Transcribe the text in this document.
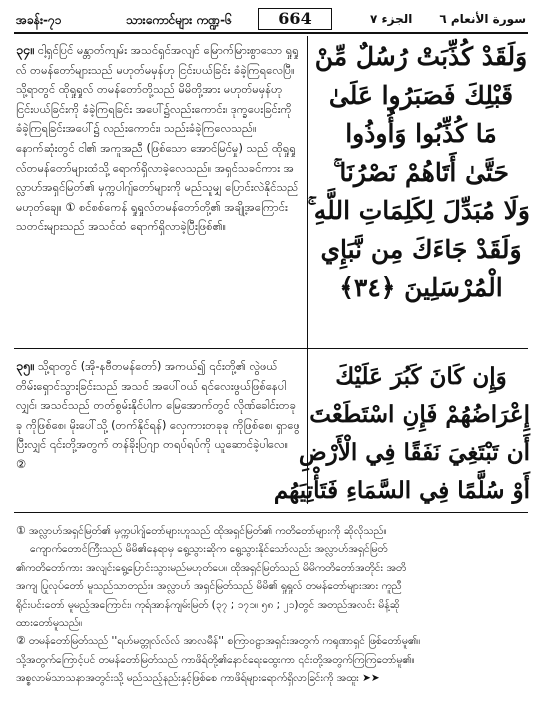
အခန်း-၇၁	သားကောင်များ ကဏ္ဍ-၆	664	الجزء ٧ سورة الأنعام ٦
၃၄။ ငါ့ရှင်ပြင် မန္တာတ်ကျမ်း အသင်ရှင်အလျင် မြောက်မြားစွာသော ရှုရှုလ် တမန်တော်များသည် မဟုတ်မမှန်ဟု ငြင်းပယ်ခြင်း ခံခဲ့ကြရလေပြီ။ သို့ရာတွင် ထိုရှုရှုလ် တမန်တော်တို့သည် မိမိတို့အား မဟုတ်မမှန်ဟု ငြင်းပယ်ခြင်းကို ခံခဲ့ကြရခြင်း အပေါ်၌လည်းကောင်း၊ ဒုက္ခပေးခြင်းကို ခံခဲ့ကြရခြင်းအပေါ်၌ လည်းကောင်း၊ သည်းခံခဲ့ကြလေသည်။ နောက်ဆုံးတွင် ငါ၏ အကူအညီ (ဖြစ်သော အောင်မြင်မှု) သည် ထိုရှုရှုလ်တမန်တော်များထံသို့ ရောက်ရှိလာခဲ့လေသည်။ အရှင်သခင်ကား အလ္လာဟ်အရှင်မြတ်၏ မှက္ကပါဂျ်တော်များကို မည်သူမျှ ပြောင်းလဲနိုင်သည်မဟုတ်ချေ။ ① စင်စစ်ကေန် ရှုရှုလ်တမန်တော်တို့၏ အချို့အကြောင်းသတင်းများသည် အသင်ထံ ရောက်ရှိလာခဲ့ပြီးဖြစ်၏။
وَلَقَدْ كُذِّبَتْ رُسُلٌ مِّنْ
قَبْلِكَ فَصَبَرُوا عَلَىٰ
مَا كُذِّبُوا وَأُوذُوا
حَتَّىٰ أَتَاهُمْ نَصْرُنَا ۚ
وَلَا مُبَدِّلَ لِكَلِمَاتِ اللَّهِ ۚ
وَلَقَدْ جَاءَكَ مِن نَّبَإِي
الْمُرْسَلِينَ ﴿٣٤﴾
၃၅။ သို့ရာတွင် (အို-နဗီတမန်တော်) အကယ်၍ ၎င်းတို့၏ လွဲဖယ်တိမ်းရှောင်သွားခြင်းသည် အသင် အပေါ်ဝယ် ရင်လေးဖွယ်ဖြစ်နေပါလျှင်၊ အသင်သည် တတ်စွမ်းနိုင်ပါက မြေအောက်တွင် လိုဏ်ခေါင်းတခုခု ကိုဖြစ်စေ၊ မိုးပေါ်သို့ (တက်နိုင်ရန်) လှေကားတခုခု ကိုဖြစ်စေ၊ ရှာဖွေပြီးလျှင် ၎င်းတို့အတွက် တန်ခိုးပြဂျာ တရပ်ရပ်ကို ယူဆောင်ခဲ့ပါလေ။ ②
وَإِن كَانَ كَبُرَ عَلَيْكَ
إِعْرَاضُهُمْ فَإِنِ اسْتَطَعْتَ
أَن تَبْتَغِيَ نَفَقًا فِي الْأَرْضِ
أَوْ سُلَّمًا فِي السَّمَاءِ فَتَأْتِيَهُم
① အလ္လာဟ်အရှင်မြတ်၏ မှက္ကပါဂျ်တော်များဟူသည် ထိုအရှင်မြတ်၏ ကတိတော်များကို ဆိုလိုသည်။
ကျောက်တောင်ကြီးသည် မိမိ၏နေရာမှ ရွေ့သွားဆိုက ရွေ့သွားနိုင်သော်လည်း အလ္လာဟ်အရှင်မြတ်
၏ကတိတော်ကား အလျင်းရွေ့ပြောင်းသွားမည်မဟုတ်ပေ။ ထိုအရှင်မြတ်သည် မိမိကတိတော်အတိုင်း အတိ
အကျ ပြုလုပ်တော် မူသည်သာတည်း။ အလ္လာဟ် အရှင်မြတ်သည် မိမိ၏ ရှုရှုလ် တမန်တော်များအား ကူညီ
ရိုင်းပင်းတော် မူမည့်အကြောင်း၊ ကုရ်အာန်ကျမ်းမြတ် (၃၇ ; ၁၇၁။ ၅၈ ; ၂၁)တွင် အတည်အလင်း မိန့်ဆို
ထားတော်မူသည်။
② တမန်တော်မြတ်သည် ''ရဟ်မတ္တုလ်လ်လ် အာလမီန်'' စကြာဝဠာအရှင်းအတွက် ကရုဏာရှင် ဖြစ်တော်မူ၏။
သို့အတွက်ကြောင့်ပင် တမန်တော်မြတ်သည် ကာဖိရ်တို့၏နောင်ရေးထွေးကာ ၎င်းတို့အတွက်ကြကြတော်မူ၏။
အစ္စလာမ်သာသနာအတွင်းသို့ မည်သည့်နည်းနှင့်ဖြစ်စေ ကာဖိရ်များရောက်ရှိလာခြင်းကို အထူး ➤➤
